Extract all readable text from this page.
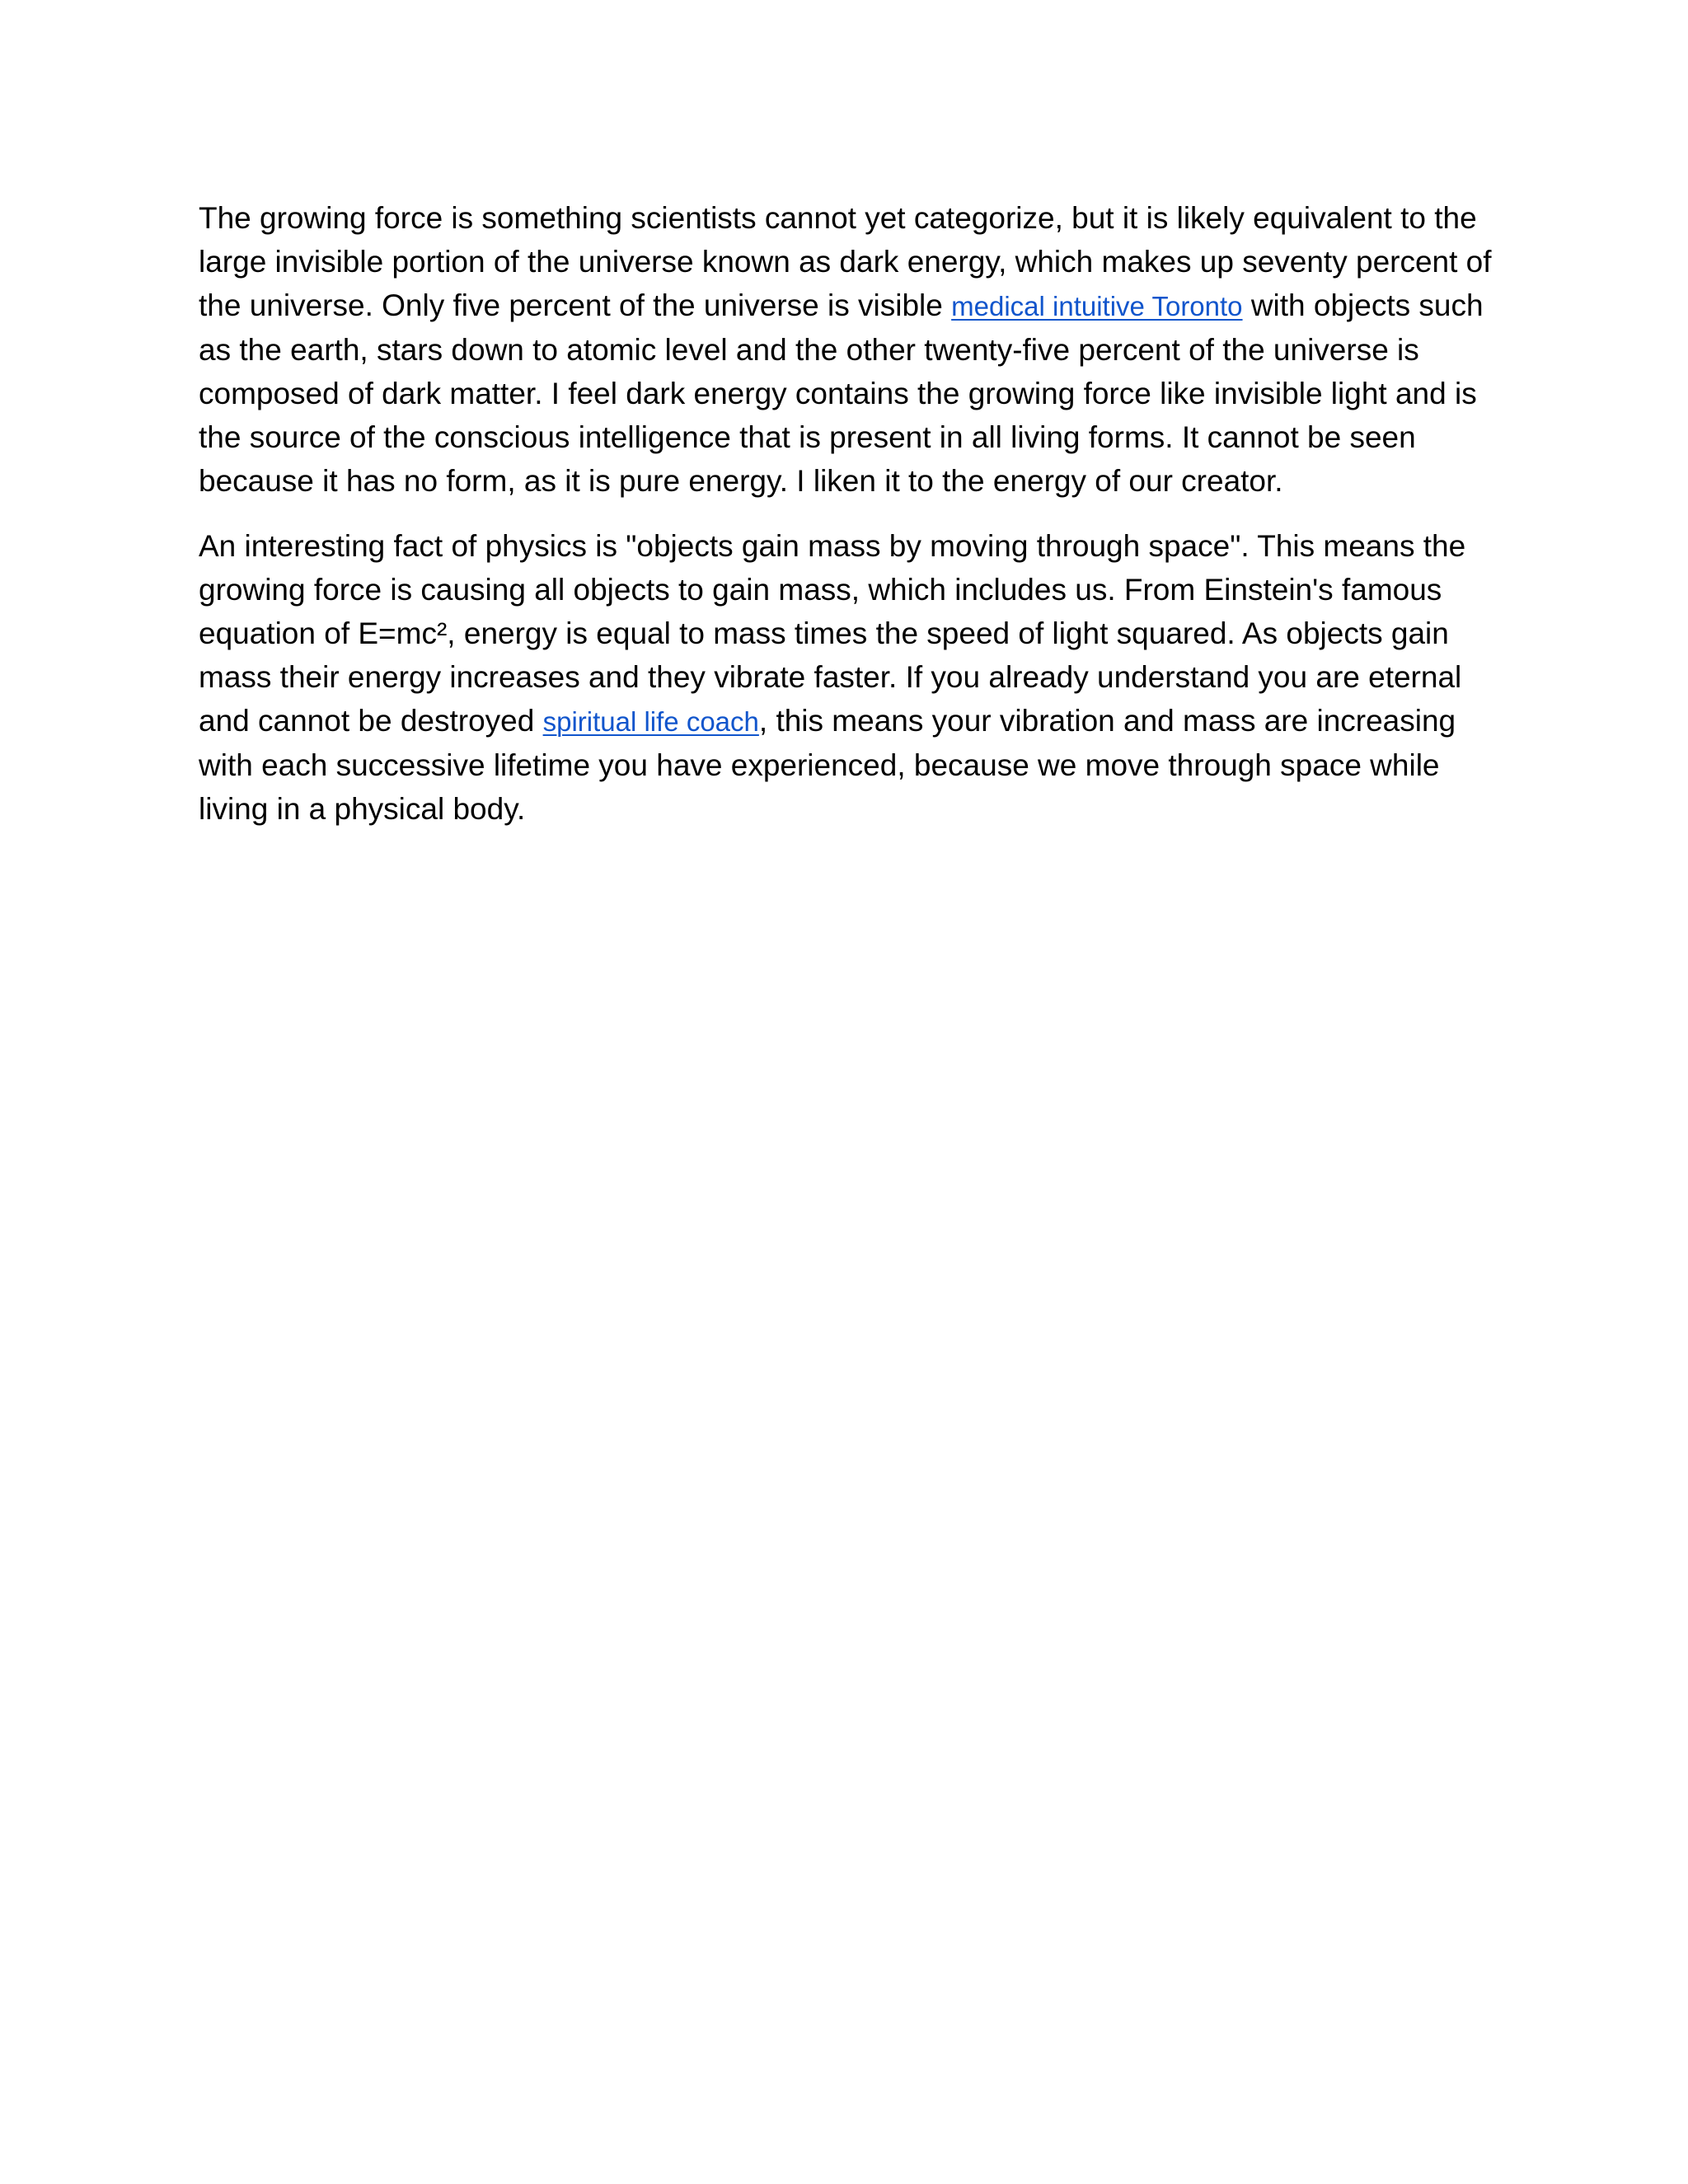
The growing force is something scientists cannot yet categorize, but it is likely equivalent to the large invisible portion of the universe known as dark energy, which makes up seventy percent of the universe. Only five percent of the universe is visible medical intuitive Toronto with objects such as the earth, stars down to atomic level and the other twenty-five percent of the universe is composed of dark matter. I feel dark energy contains the growing force like invisible light and is the source of the conscious intelligence that is present in all living forms. It cannot be seen because it has no form, as it is pure energy. I liken it to the energy of our creator.

An interesting fact of physics is "objects gain mass by moving through space". This means the growing force is causing all objects to gain mass, which includes us. From Einstein's famous equation of E=mc², energy is equal to mass times the speed of light squared. As objects gain mass their energy increases and they vibrate faster. If you already understand you are eternal and cannot be destroyed spiritual life coach, this means your vibration and mass are increasing with each successive lifetime you have experienced, because we move through space while living in a physical body.
